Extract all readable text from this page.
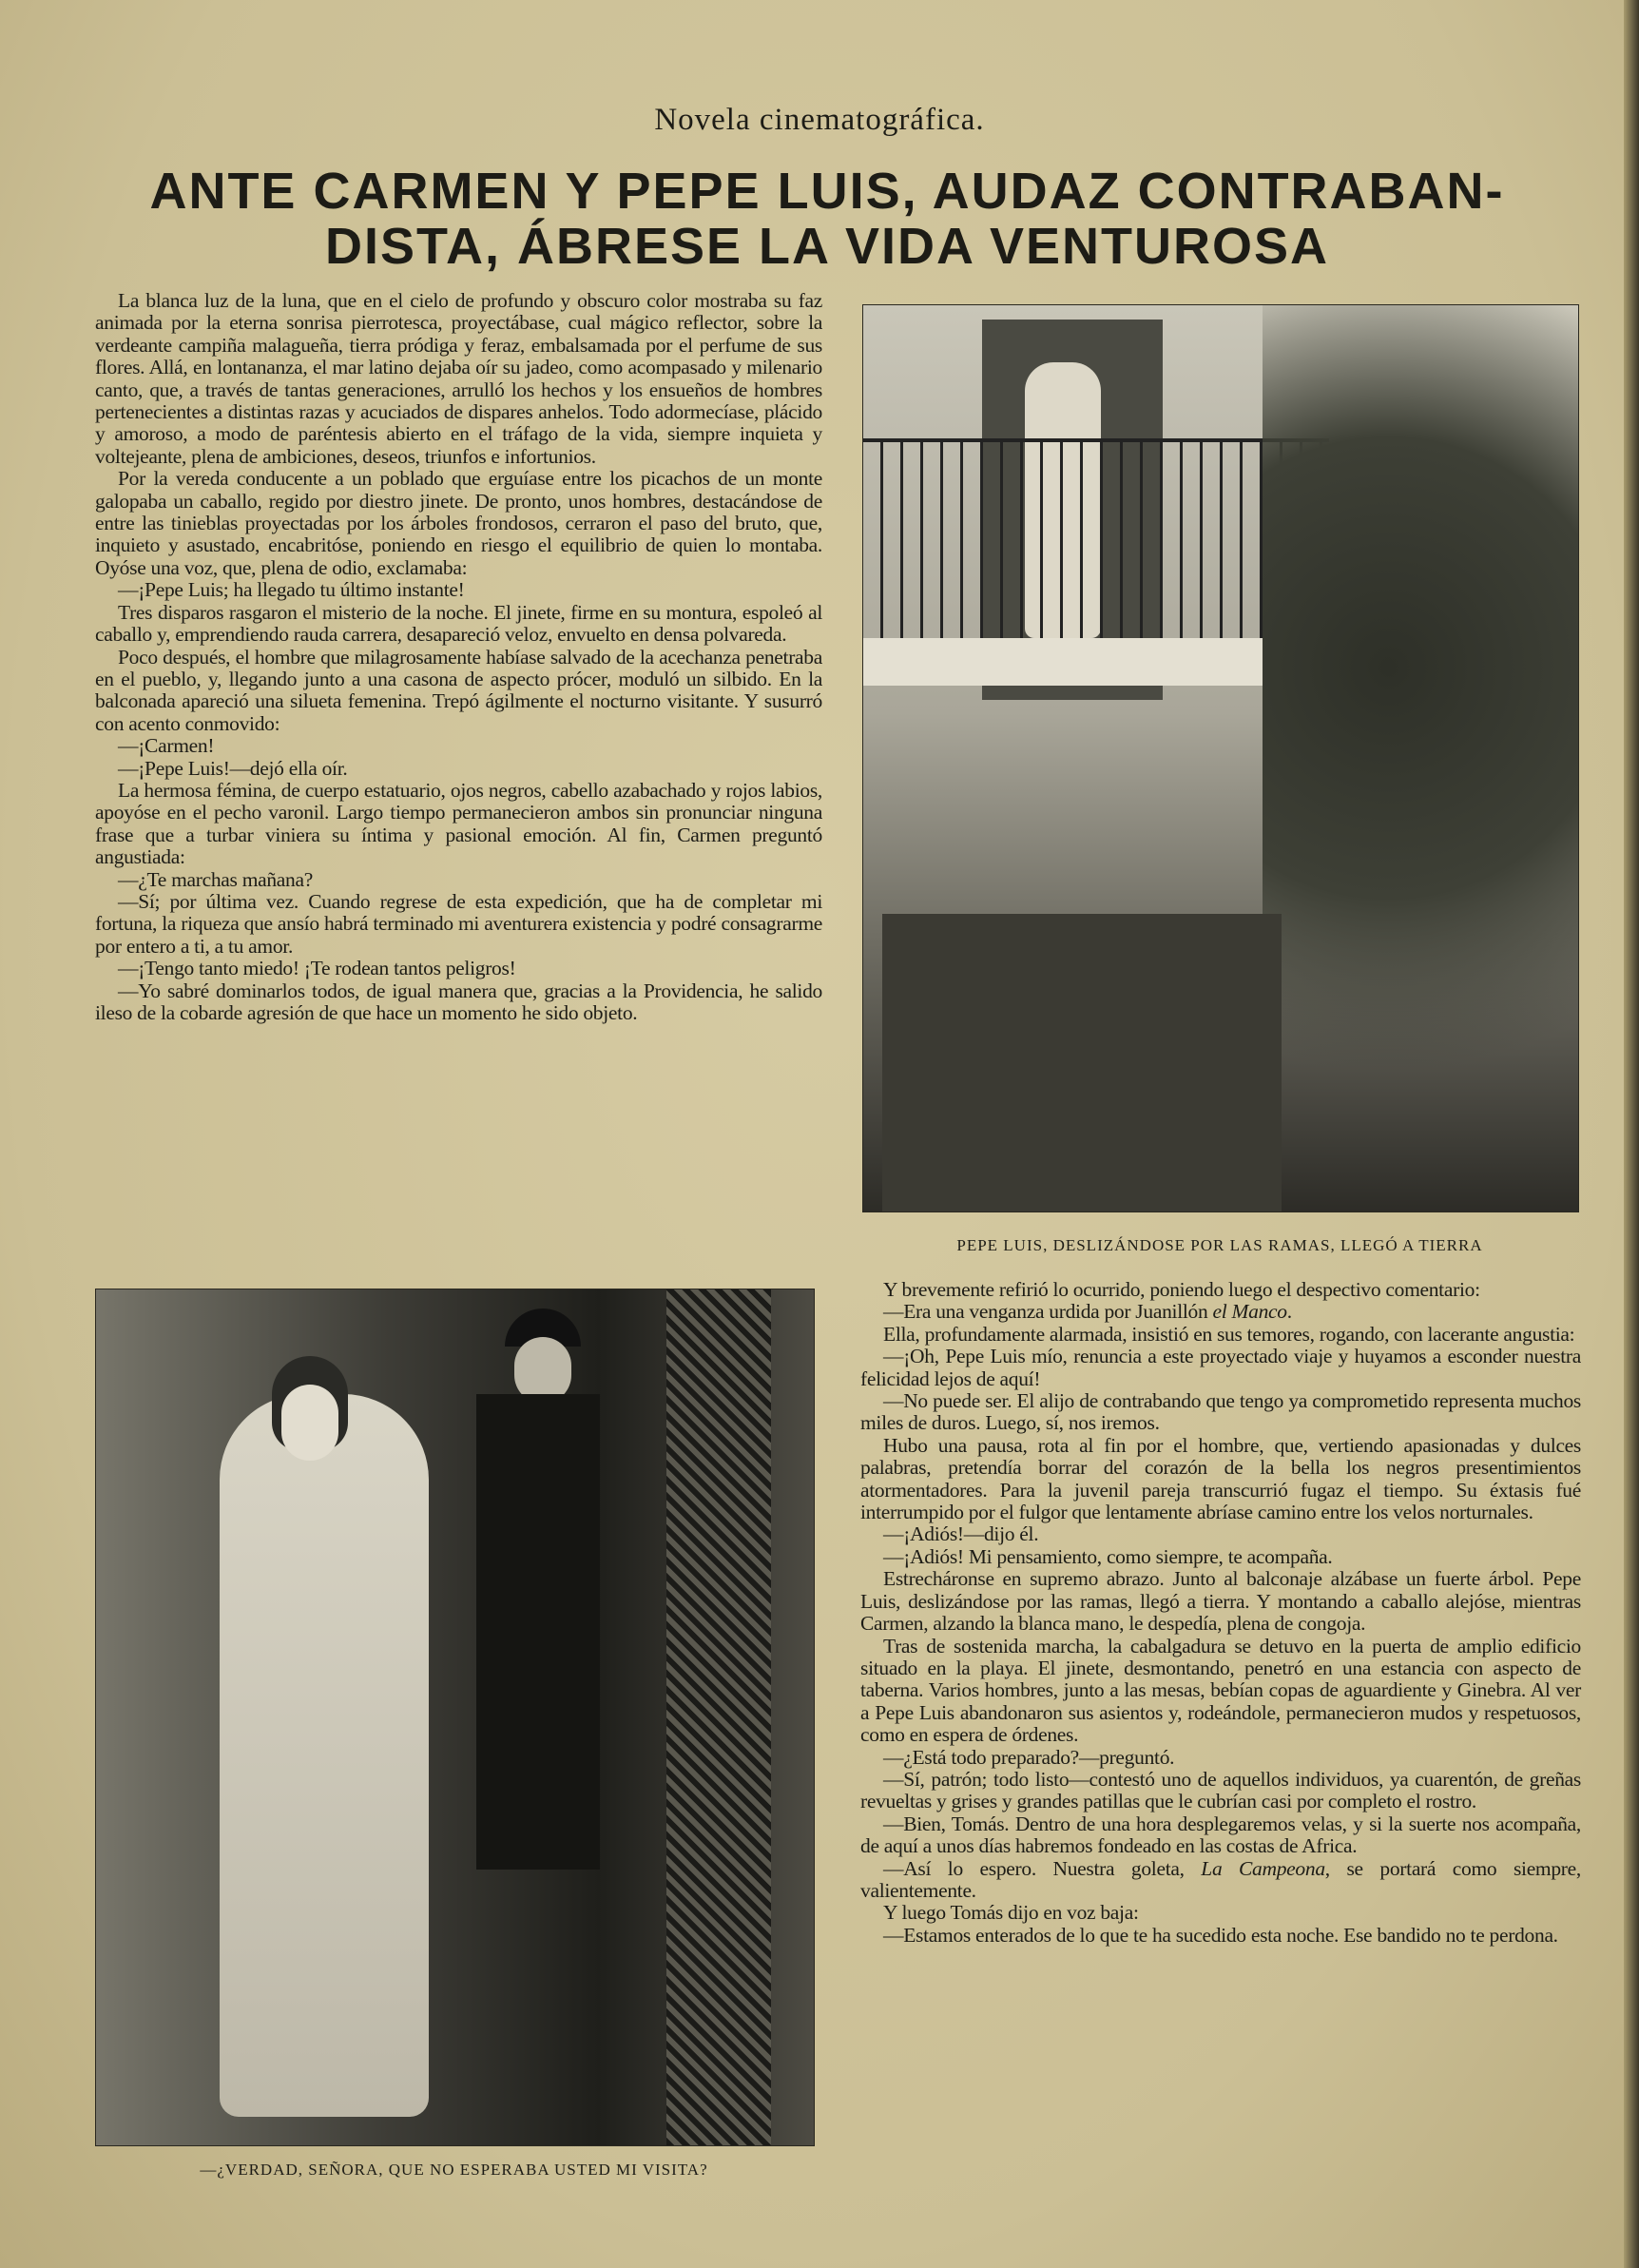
Novela cinematográfica.
ANTE CARMEN Y PEPE LUIS, AUDAZ CONTRABAN-
DISTA, ÁBRESE LA VIDA VENTUROSA

La blanca luz de la luna, que en el cielo de profundo y obscuro color mostraba su faz animada por la eterna sonrisa pierrotesca, proyectábase, cual mágico reflector, sobre la verdeante campiña malagueña, tierra pródiga y feraz, embalsamada por el perfume de sus flores. Allá, en lontananza, el mar latino dejaba oír su jadeo, como acompasado y milenario canto, que, a través de tantas generaciones, arrulló los hechos y los ensueños de hombres pertenecientes a distintas razas y acuciados de dispares anhelos. Todo adormecíase, plácido y amoroso, a modo de paréntesis abierto en el tráfago de la vida, siempre inquieta y voltejeante, plena de ambiciones, deseos, triunfos e infortunios.

Por la vereda conducente a un poblado que erguíase entre los picachos de un monte galopaba un caballo, regido por diestro jinete. De pronto, unos hombres, destacándose de entre las tinieblas proyectadas por los árboles frondosos, cerraron el paso del bruto, que, inquieto y asustado, encabritóse, poniendo en riesgo el equilibrio de quien lo montaba. Oyóse una voz, que, plena de odio, exclamaba:

—¡Pepe Luis; ha llegado tu último instante!

Tres disparos rasgaron el misterio de la noche. El jinete, firme en su montura, espoleó al caballo y, emprendiendo rauda carrera, desapareció veloz, envuelto en densa polvareda.

Poco después, el hombre que milagrosamente habíase salvado de la acechanza penetraba en el pueblo, y, llegando junto a una casona de aspecto prócer, moduló un silbido. En la balconada apareció una silueta femenina. Trepó ágilmente el nocturno visitante. Y susurró con acento conmovido:

—¡Carmen!

—¡Pepe Luis!—dejó ella oír.

La hermosa fémina, de cuerpo estatuario, ojos negros, cabello azabachado y rojos labios, apoyóse en el pecho varonil. Largo tiempo permanecieron ambos sin pronunciar ninguna frase que a turbar viniera su íntima y pasional emoción. Al fin, Carmen preguntó angustiada:

—¿Te marchas mañana?

—Sí; por última vez. Cuando regrese de esta expedición, que ha de completar mi fortuna, la riqueza que ansío habrá terminado mi aventurera existencia y podré consagrarme por entero a ti, a tu amor.

—¡Tengo tanto miedo! ¡Te rodean tantos peligros!

—Yo sabré dominarlos todos, de igual manera que, gracias a la Providencia, he salido ileso de la cobarde agresión de que hace un momento he sido objeto.

PEPE LUIS, DESLIZÁNDOSE POR LAS RAMAS, LLEGÓ A TIERRA
—¿VERDAD, SEÑORA, QUE NO ESPERABA USTED MI VISITA?

Y brevemente refirió lo ocurrido, poniendo luego el despectivo comentario:

—Era una venganza urdida por Juanillón el Manco.

Ella, profundamente alarmada, insistió en sus temores, rogando, con lacerante angustia:

—¡Oh, Pepe Luis mío, renuncia a este proyectado viaje y huyamos a esconder nuestra felicidad lejos de aquí!

—No puede ser. El alijo de contrabando que tengo ya comprometido representa muchos miles de duros. Luego, sí, nos iremos.

Hubo una pausa, rota al fin por el hombre, que, vertiendo apasionadas y dulces palabras, pretendía borrar del corazón de la bella los negros presentimientos atormentadores. Para la juvenil pareja transcurrió fugaz el tiempo. Su éxtasis fué interrumpido por el fulgor que lentamente abríase camino entre los velos norturnales.

—¡Adiós!—dijo él.

—¡Adiós! Mi pensamiento, como siempre, te acompaña.

Estrecháronse en supremo abrazo. Junto al balconaje alzábase un fuerte árbol. Pepe Luis, deslizándose por las ramas, llegó a tierra. Y montando a caballo alejóse, mientras Carmen, alzando la blanca mano, le despedía, plena de congoja.

Tras de sostenida marcha, la cabalgadura se detuvo en la puerta de amplio edificio situado en la playa. El jinete, desmontando, penetró en una estancia con aspecto de taberna. Varios hombres, junto a las mesas, bebían copas de aguardiente y Ginebra. Al ver a Pepe Luis abandonaron sus asientos y, rodeándole, permanecieron mudos y respetuosos, como en espera de órdenes.

—¿Está todo preparado?—preguntó.

—Sí, patrón; todo listo—contestó uno de aquellos individuos, ya cuarentón, de greñas revueltas y grises y grandes patillas que le cubrían casi por completo el rostro.

—Bien, Tomás. Dentro de una hora desplegaremos velas, y si la suerte nos acompaña, de aquí a unos días habremos fondeado en las costas de Africa.

—Así lo espero. Nuestra goleta, La Campeona, se portará como siempre, valientemente.

Y luego Tomás dijo en voz baja:

—Estamos enterados de lo que te ha sucedido esta noche. Ese bandido no te perdona.
